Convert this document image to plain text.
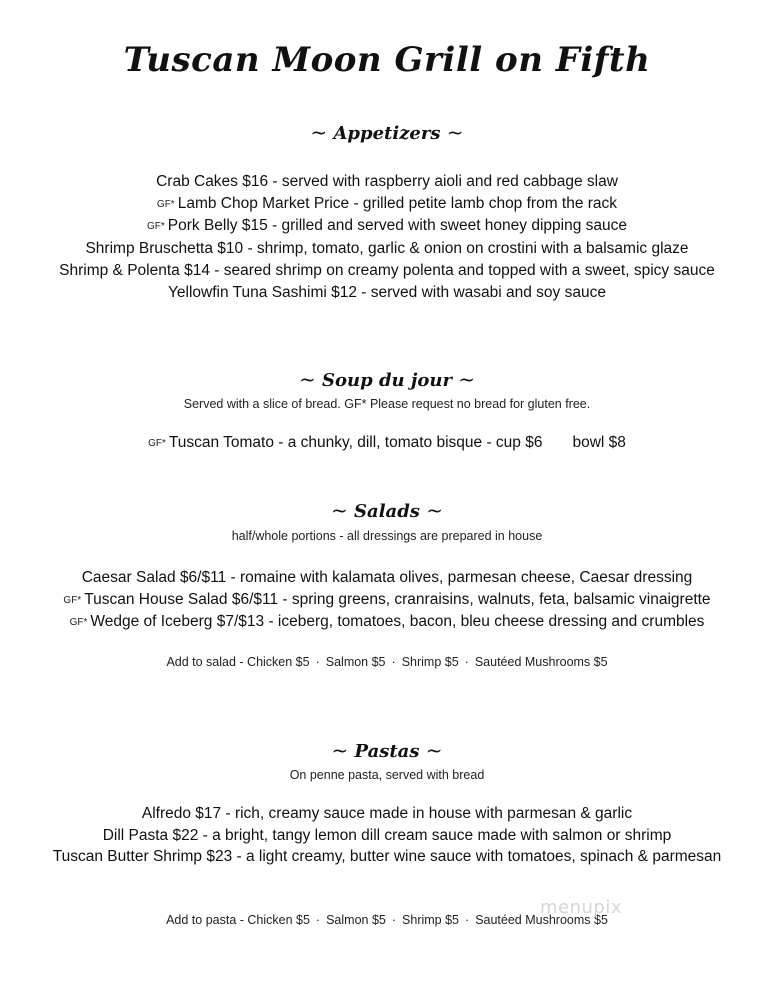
Tuscan Moon Grill on Fifth
~ Appetizers ~
Crab Cakes $16 - served with raspberry aioli and red cabbage slaw
GF* Lamb Chop Market Price - grilled petite lamb chop from the rack
GF* Pork Belly $15 - grilled and served with sweet honey dipping sauce
Shrimp Bruschetta $10 - shrimp, tomato, garlic & onion on crostini with a balsamic glaze
Shrimp & Polenta $14 - seared shrimp on creamy polenta and topped with a sweet, spicy sauce
Yellowfin Tuna Sashimi $12 - served with wasabi and soy sauce
~ Soup du jour ~
Served with a slice of bread. GF* Please request no bread for gluten free.
GF* Tuscan Tomato - a chunky, dill, tomato bisque - cup $6 bowl $8
~ Salads ~
half/whole portions - all dressings are prepared in house
Caesar Salad $6/$11 - romaine with kalamata olives, parmesan cheese, Caesar dressing
GF* Tuscan House Salad $6/$11 - spring greens, cranraisins, walnuts, feta, balsamic vinaigrette
GF* Wedge of Iceberg $7/$13 - iceberg, tomatoes, bacon, bleu cheese dressing and crumbles
Add to salad - Chicken $5 · Salmon $5 · Shrimp $5 · Sautéed Mushrooms $5
~ Pastas ~
On penne pasta, served with bread
Alfredo $17 - rich, creamy sauce made in house with parmesan & garlic
Dill Pasta $22 - a bright, tangy lemon dill cream sauce made with salmon or shrimp
Tuscan Butter Shrimp $23 - a light creamy, butter wine sauce with tomatoes, spinach & parmesan
Add to pasta - Chicken $5 · Salmon $5 · Shrimp $5 · Sautéed Mushrooms $5
menupix
